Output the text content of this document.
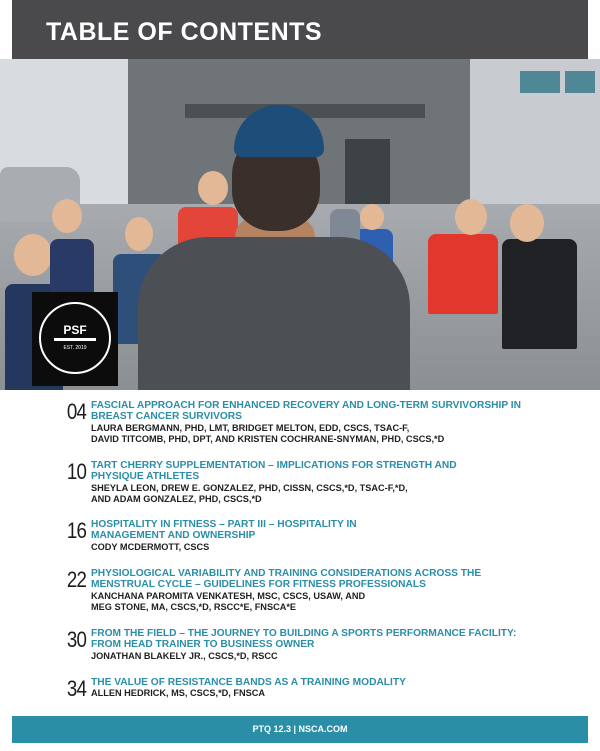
TABLE OF CONTENTS
PSF
EST. 2019
04 FASCIAL APPROACH FOR ENHANCED RECOVERY AND LONG-TERM SURVIVORSHIP IN
BREAST CANCER SURVIVORS
LAURA BERGMANN, PHD, LMT, BRIDGET MELTON, EDD, CSCS, TSAC-F,
DAVID TITCOMB, PHD, DPT, AND KRISTEN COCHRANE-SNYMAN, PHD, CSCS,*D
10 TART CHERRY SUPPLEMENTATION – IMPLICATIONS FOR STRENGTH AND
PHYSIQUE ATHLETES
SHEYLA LEON, DREW E. GONZALEZ, PHD, CISSN, CSCS,*D, TSAC-F,*D,
AND ADAM GONZALEZ, PHD, CSCS,*D
16 HOSPITALITY IN FITNESS – PART III – HOSPITALITY IN
MANAGEMENT AND OWNERSHIP
CODY MCDERMOTT, CSCS
22 PHYSIOLOGICAL VARIABILITY AND TRAINING CONSIDERATIONS ACROSS THE
MENSTRUAL CYCLE – GUIDELINES FOR FITNESS PROFESSIONALS
KANCHANA PAROMITA VENKATESH, MSC, CSCS, USAW, AND
MEG STONE, MA, CSCS,*D, RSCC*E, FNSCA*E
30 FROM THE FIELD – THE JOURNEY TO BUILDING A SPORTS PERFORMANCE FACILITY:
FROM HEAD TRAINER TO BUSINESS OWNER
JONATHAN BLAKELY JR., CSCS,*D, RSCC
34 THE VALUE OF RESISTANCE BANDS AS A TRAINING MODALITY
ALLEN HEDRICK, MS, CSCS,*D, FNSCA
PTQ 12.3 | NSCA.COM
